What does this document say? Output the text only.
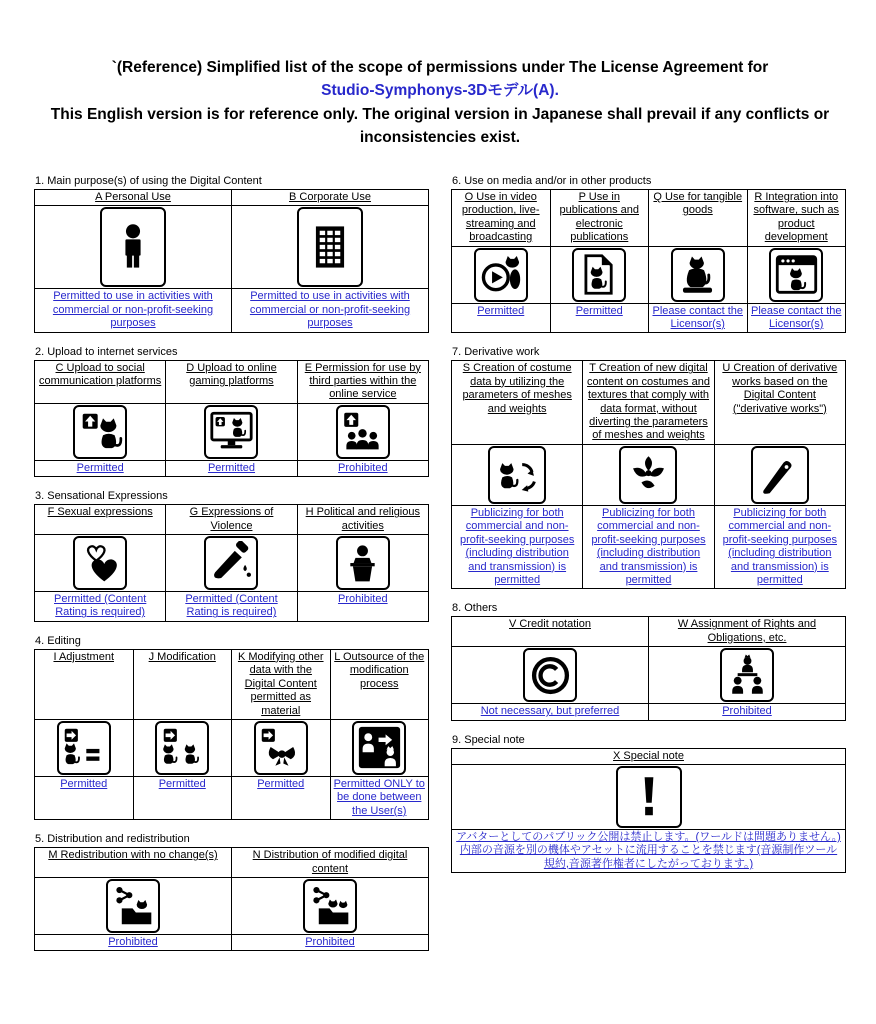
`(Reference) Simplified list of the scope of permissions under The License Agreement for
Studio-Symphonys-3Dモデル(A).
This English version is for reference only. The original version in Japanese shall prevail if any conflicts or inconsistencies exist.
1. Main purpose(s) of using the Digital Content
A Personal Use	B Corporate Use

Permitted to use in activities with commercial or non-profit-seeking purposes	Permitted to use in activities with commercial or non-profit-seeking purposes
2. Upload to internet services
C Upload to social communication platforms	D Upload to online gaming platforms	E Permission for use by third parties within the online service

Permitted	Permitted	Prohibited
3. Sensational Expressions
F Sexual expressions	G Expressions of Violence	H Political and religious activities

Permitted (Content Rating is required)	Permitted (Content Rating is required)	Prohibited
4. Editing
I Adjustment	J Modification	K Modifying other data with the Digital Content permitted as material	L Outsource of the modification process

Permitted	Permitted	Permitted	Permitted ONLY to be done between the User(s)
5. Distribution and redistribution
M Redistribution with no change(s)	N Distribution of modified digital content

Prohibited	Prohibited
6. Use on media and/or in other products
O Use in video production, live-streaming and broadcasting	P Use in publications and electronic publications	Q Use for tangible goods	R Integration into software, such as product development

Permitted	Permitted	Please contact the Licensor(s)	Please contact the Licensor(s)
7. Derivative work
S Creation of costume data by utilizing the parameters of meshes and weights	T Creation of new digital content on costumes and textures that comply with data format, without diverting the parameters of meshes and weights	U Creation of derivative works based on the Digital Content ("derivative works")

Publicizing for both commercial and non-profit-seeking purposes (including distribution and transmission) is permitted	Publicizing for both commercial and non-profit-seeking purposes (including distribution and transmission) is permitted	Publicizing for both commercial and non-profit-seeking purposes (including distribution and transmission) is permitted
8. Others
V Credit notation	W Assignment of Rights and Obligations, etc.

Not necessary, but preferred	Prohibited
9. Special note
X Special note

アバターとしてのパブリック公開は禁止します。(ワールドは問題ありません。)
内部の音源を別の機体やアセットに流用することを禁じます(音源制作ツール規約,音源著作権者にしたがっております。)
